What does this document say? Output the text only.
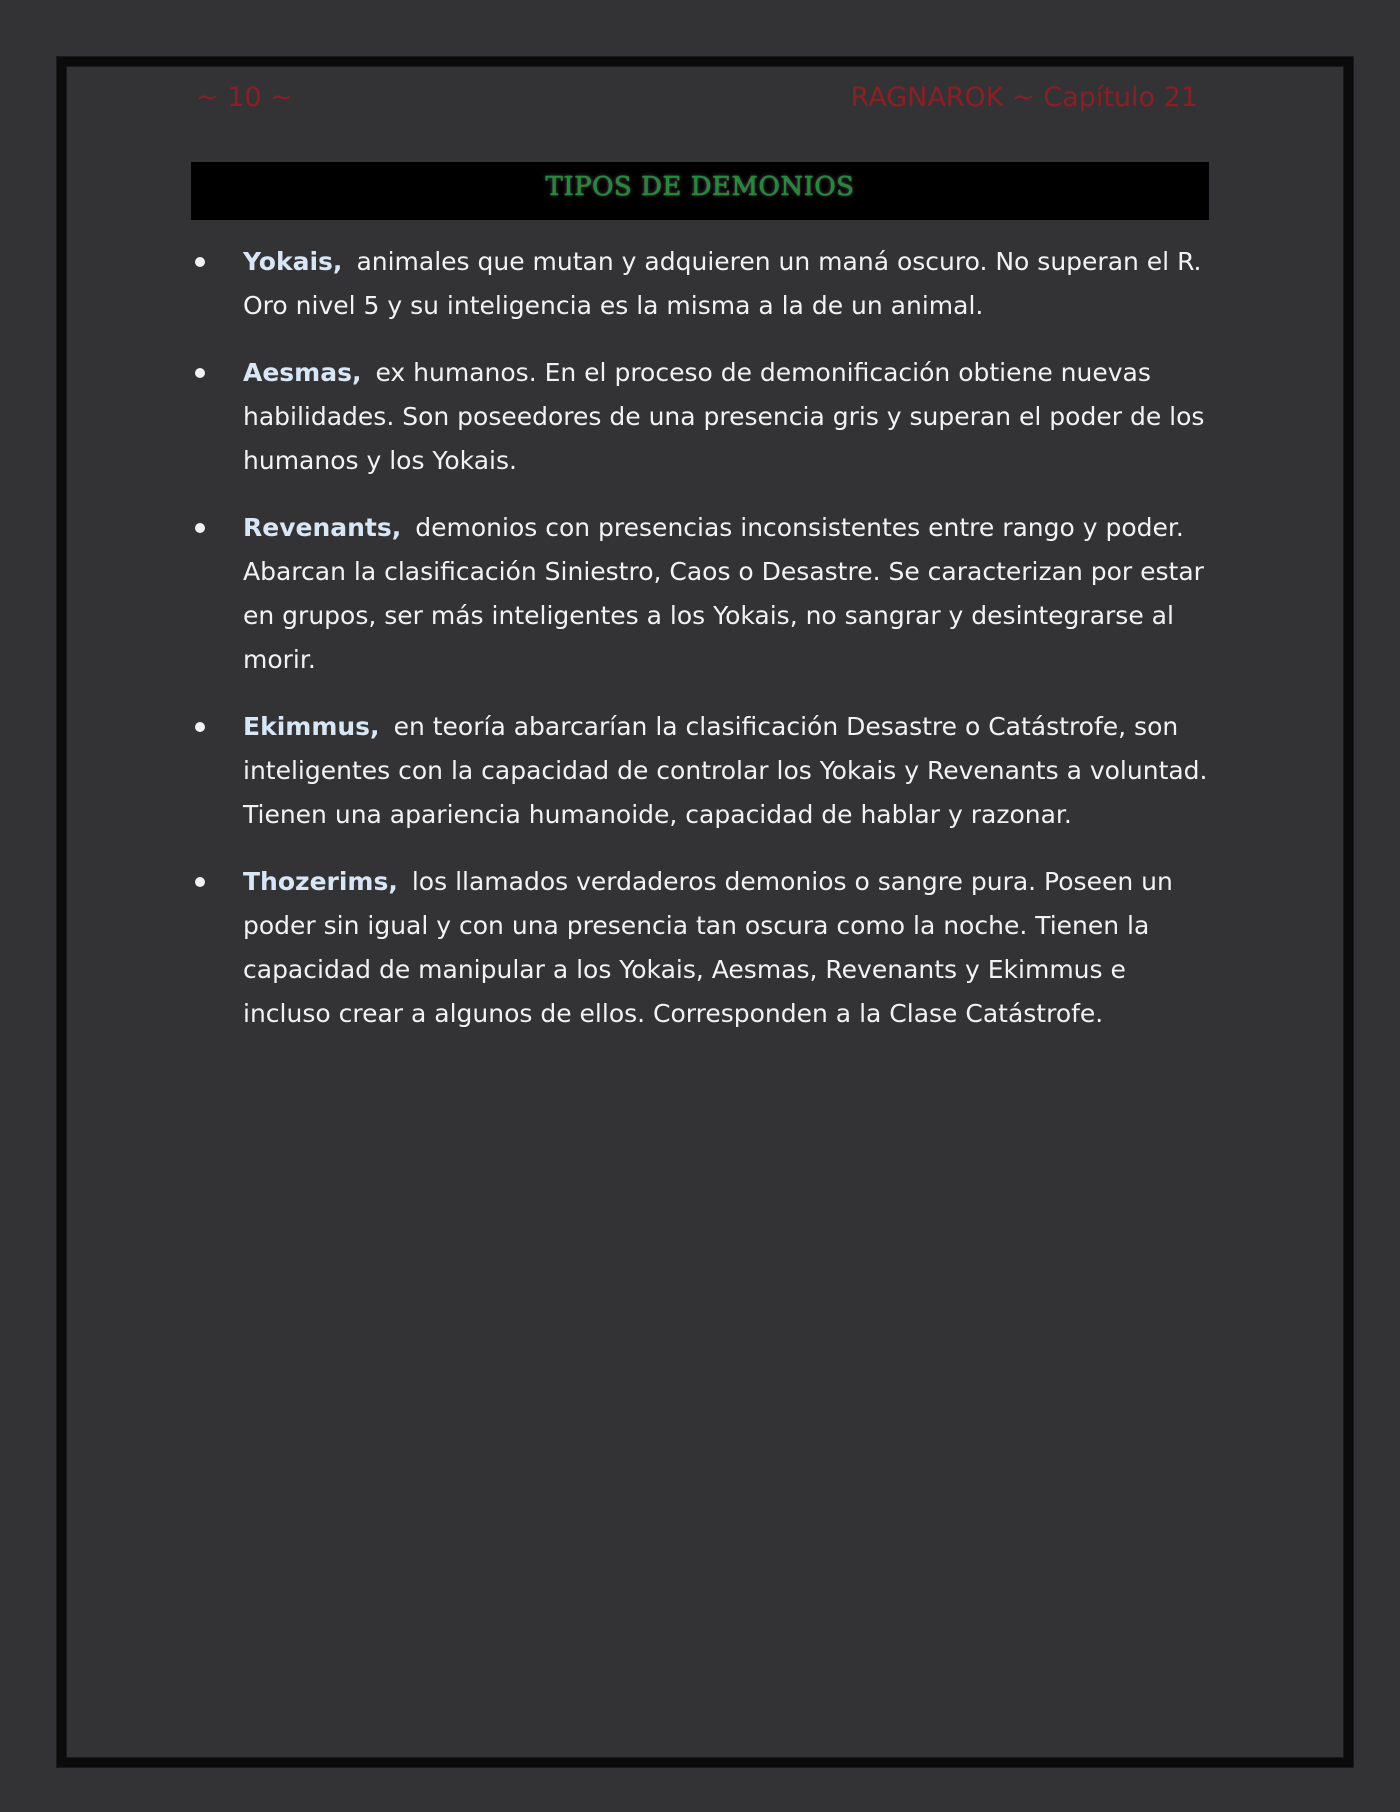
~ 10 ~	RAGNAROK ~ Capítulo 21
TIPOS DE DEMONIOS
Yokais, animales que mutan y adquieren un maná oscuro. No superan el R. Oro nivel 5 y su inteligencia es la misma a la de un animal.
Aesmas, ex humanos. En el proceso de demonificación obtiene nuevas habilidades. Son poseedores de una presencia gris y superan el poder de los humanos y los Yokais.
Revenants, demonios con presencias inconsistentes entre rango y poder. Abarcan la clasificación Siniestro, Caos o Desastre. Se caracterizan por estar en grupos, ser más inteligentes a los Yokais, no sangrar y desintegrarse al morir.
Ekimmus, en teoría abarcarían la clasificación Desastre o Catástrofe, son inteligentes con la capacidad de controlar los Yokais y Revenants a voluntad. Tienen una apariencia humanoide, capacidad de hablar y razonar.
Thozerims, los llamados verdaderos demonios o sangre pura. Poseen un poder sin igual y con una presencia tan oscura como la noche. Tienen la capacidad de manipular a los Yokais, Aesmas, Revenants y Ekimmus e incluso crear a algunos de ellos. Corresponden a la Clase Catástrofe.
